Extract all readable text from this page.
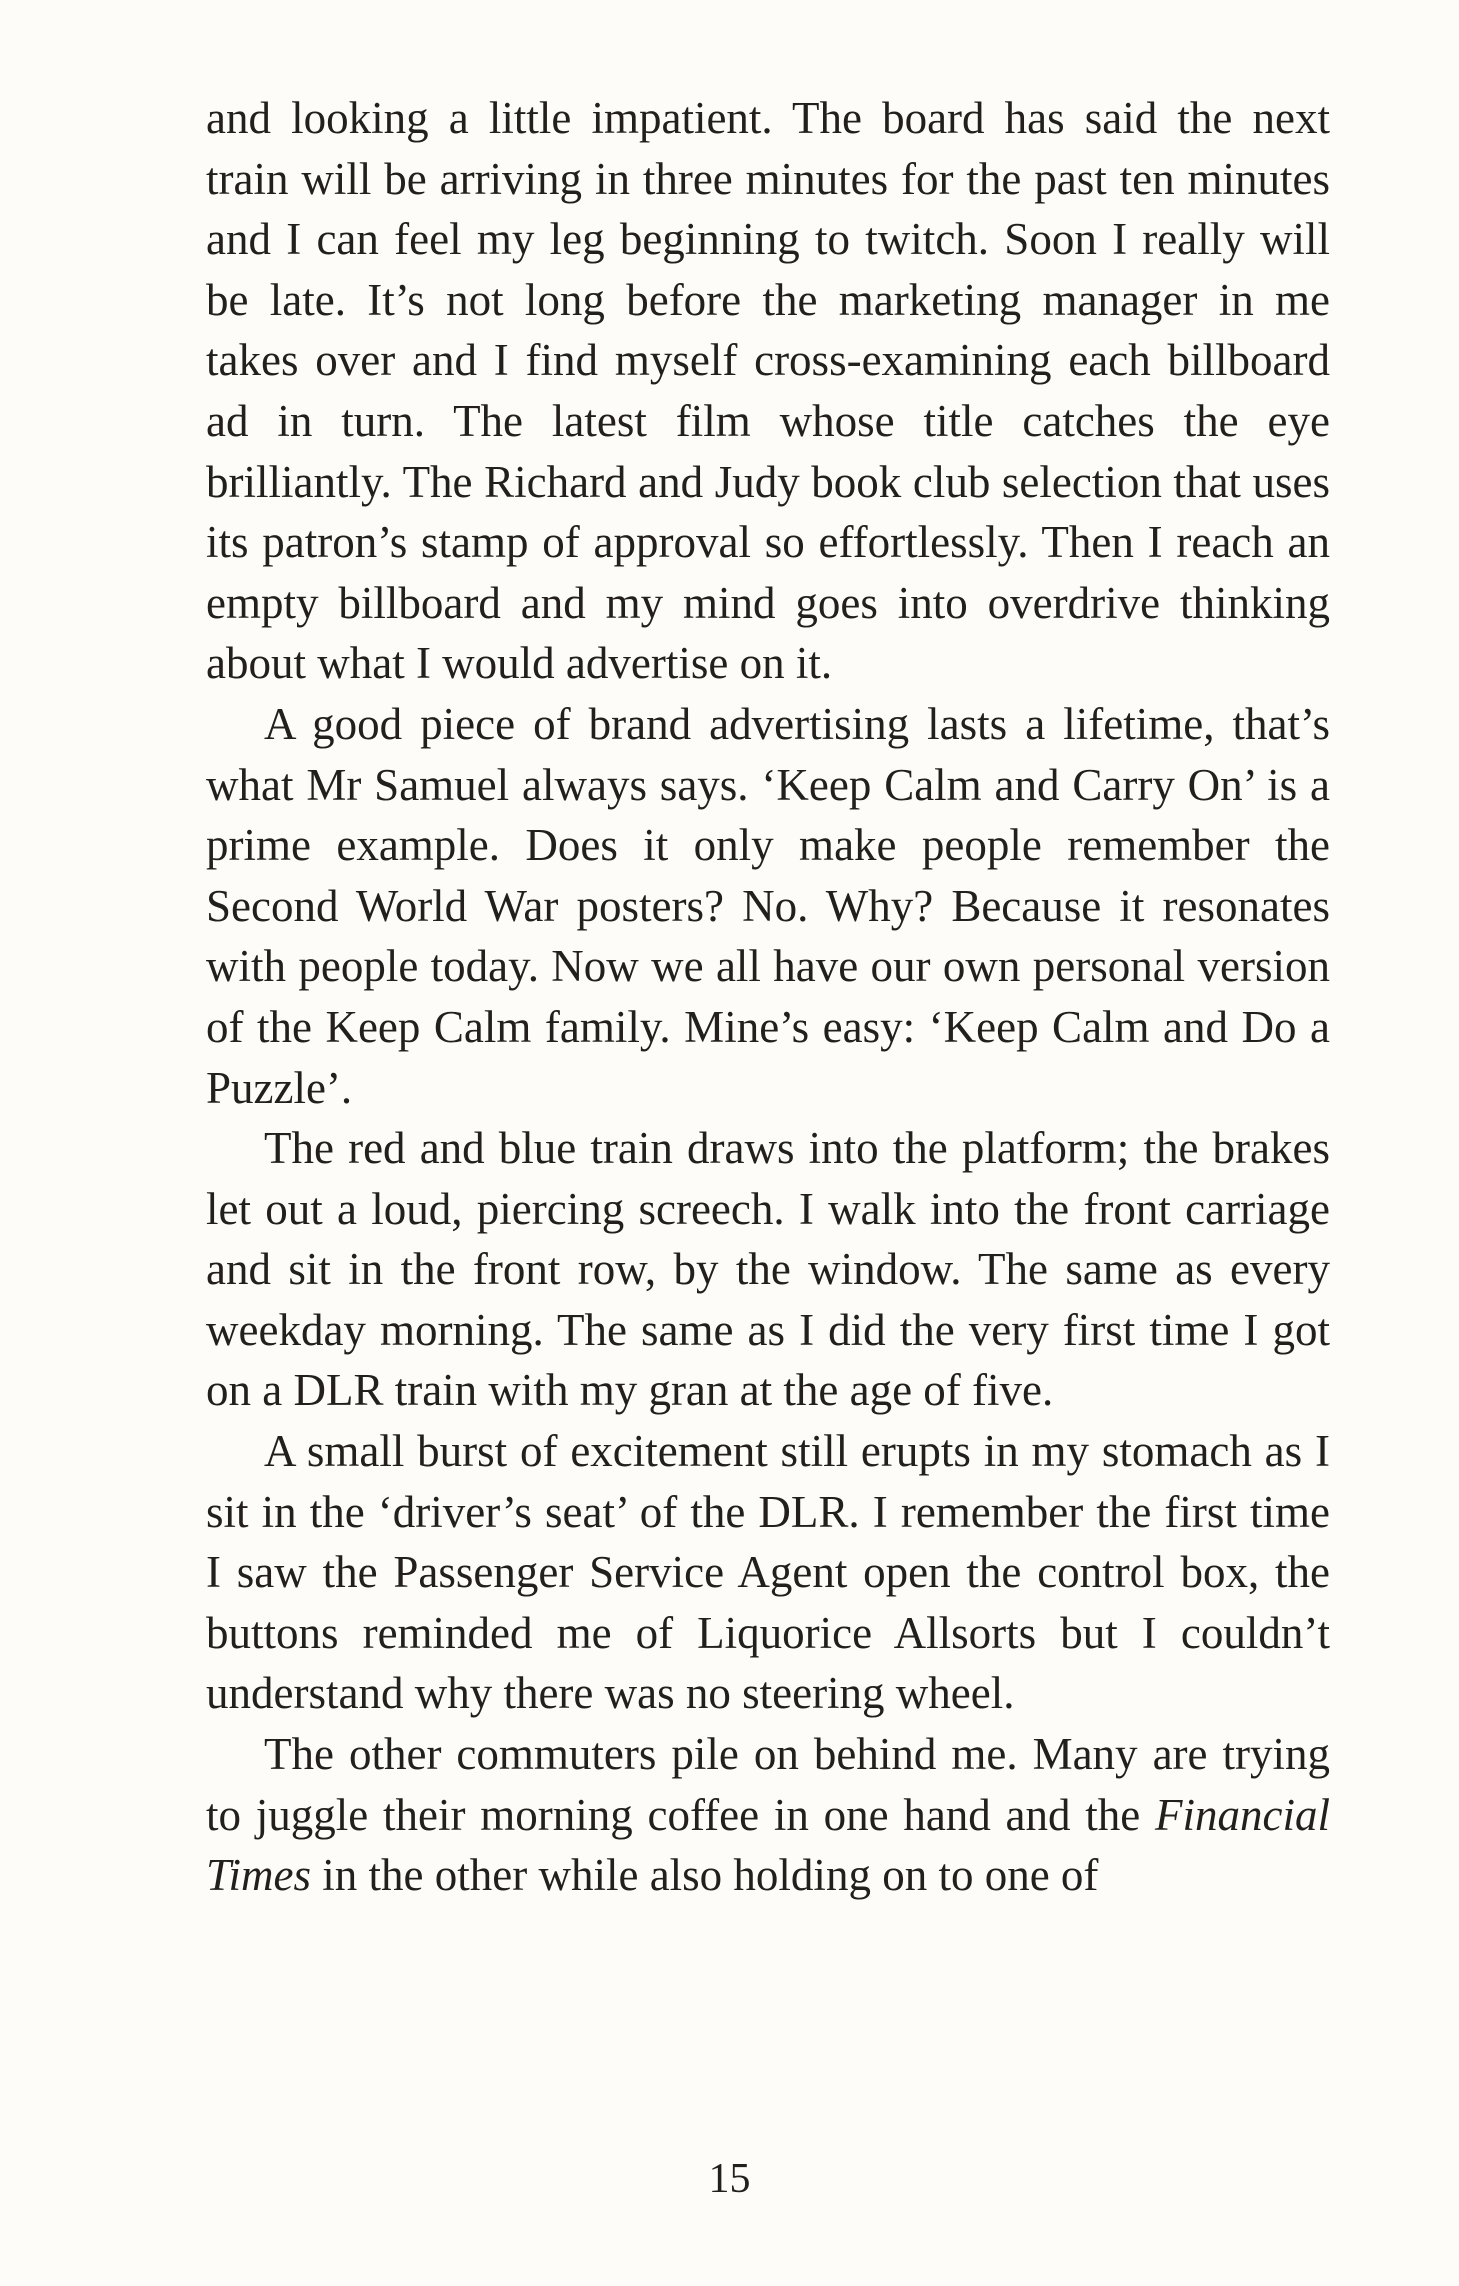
and looking a little impatient. The board has said the next train will be arriving in three minutes for the past ten minutes and I can feel my leg beginning to twitch. Soon I really will be late. It’s not long before the marketing manager in me takes over and I find myself cross-examining each billboard ad in turn. The latest film whose title catches the eye brilliantly. The Richard and Judy book club selection that uses its patron’s stamp of approval so effortlessly. Then I reach an empty billboard and my mind goes into overdrive thinking about what I would advertise on it.

A good piece of brand advertising lasts a lifetime, that’s what Mr Samuel always says. ‘Keep Calm and Carry On’ is a prime example. Does it only make people remember the Second World War posters? No. Why? Because it resonates with people today. Now we all have our own personal version of the Keep Calm family. Mine’s easy: ‘Keep Calm and Do a Puzzle’.

The red and blue train draws into the platform; the brakes let out a loud, piercing screech. I walk into the front carriage and sit in the front row, by the window. The same as every weekday morning. The same as I did the very first time I got on a DLR train with my gran at the age of five.

A small burst of excitement still erupts in my stomach as I sit in the ‘driver’s seat’ of the DLR. I remember the first time I saw the Passenger Service Agent open the control box, the buttons reminded me of Liquorice Allsorts but I couldn’t understand why there was no steering wheel.

The other commuters pile on behind me. Many are trying to juggle their morning coffee in one hand and the Financial Times in the other while also holding on to one of

15
